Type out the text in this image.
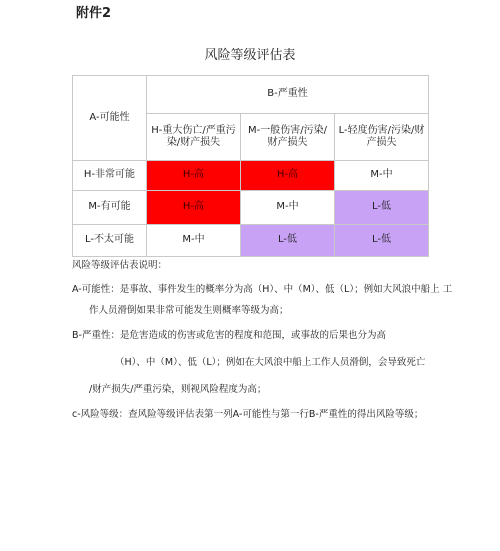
附件2
风险等级评估表
A-可能性	B-严重性		
	H-重大伤亡/严重污 染/财产损失	M-一般伤害/污染/ 财产损失	L-轻度伤害/污染/财产损失
H-非常可能	H-高	H-高	M-中
M-有可能	H-高	M-中	L-低
L-不太可能	M-中	L-低	L-低

风险等级评估表说明：

A-可能性：是事故、事件发生的概率分为高（H）、中（M）、低（L）；例如大风浪中船上 工

作人员滑倒如果非常可能发生则概率等级为高；

B-严重性：是危害造成的伤害或危害的程度和范围，或事故的后果也分为高

（H）、中（M）、低（L）；例如在大风浪中船上工作人员滑倒，会导致死亡

/财产损失/严重污染，则视风险程度为高；

c-风险等级：查风险等级评估表第一列A-可能性与第一行B-严重性的得出风险等级；
